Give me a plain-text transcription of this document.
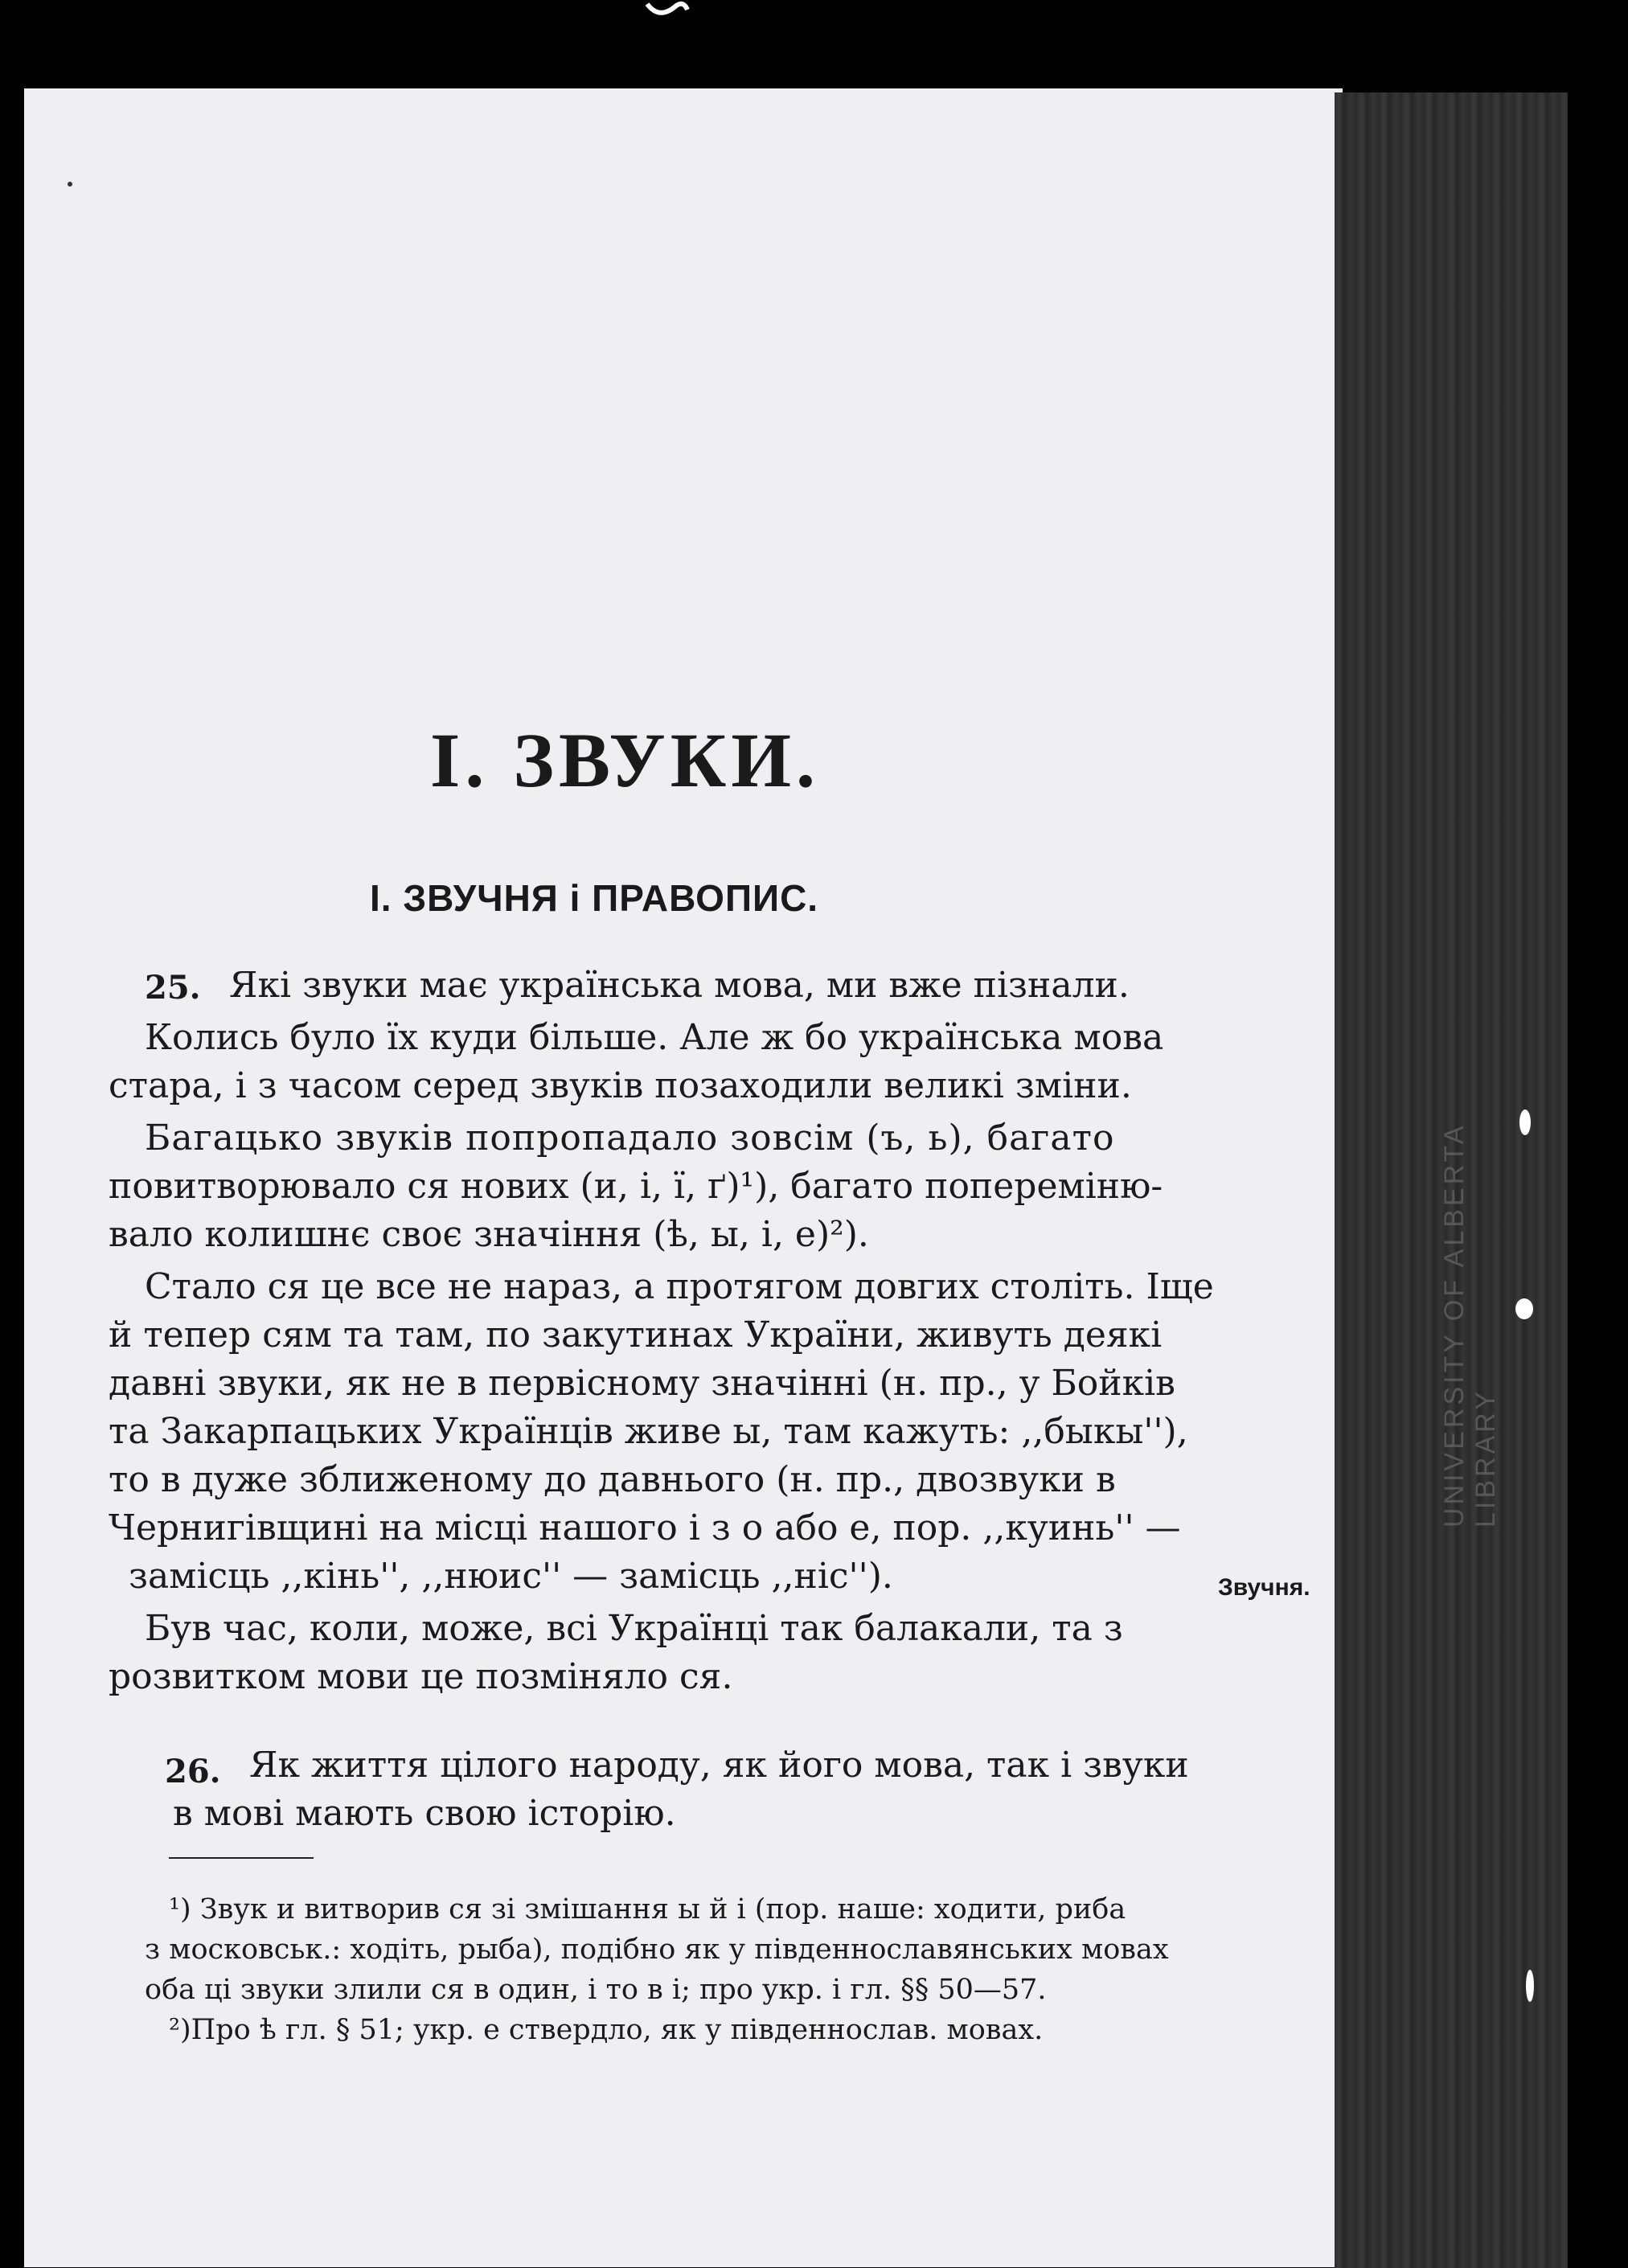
UNIVERSITY OF ALBERTA LIBRARY
I. ЗВУКИ.
I. ЗВУЧНЯ і ПРАВОПИС.
25. Які звуки має українська мова, ми вже пізнали.
Колись було їх куди більше. Але ж бо українська мова
стара, і з часом серед звуків позаходили великі зміни.
Багацько звуків попропадало зовсім (ъ, ь), багато
повитворювало ся нових (и, і, ї, ґ)¹), багато попереміню-
вало колишнє своє значіння (ѣ, ы, і, е)²).
Стало ся це все не нараз, а протягом довгих століть. Іще
й тепер сям та там, по закутинах України, живуть деякі
давні звуки, як не в первісному значінні (н. пр., у Бойків
та Закарпацьких Українців живе ы, там кажуть: ,,быкы''),
то в дуже зближеному до давнього (н. пр., двозвуки в
Чернигівщині на місці нашого і з о або е, пор. ,,куинь'' —
замісць ,,кінь'', ,,нюис'' — замісць ,,ніс'').
Був час, коли, може, всі Українці так балакали, та з
розвитком мови це позміняло ся.
Звучня.
26. Як життя цілого народу, як його мова, так і звуки
в мові мають свою історію.
¹) Звук и витворив ся зі змішання ы й і (пор. наше: ходити, риба
з московськ.: ходіть, рыба), подібно як у південнославянських мовах
оба ці звуки злили ся в один, і то в і; про укр. і гл. §§ 50—57.
²)Про ѣ гл. § 51; укр. е ствердло, як у південнослав. мовах.
